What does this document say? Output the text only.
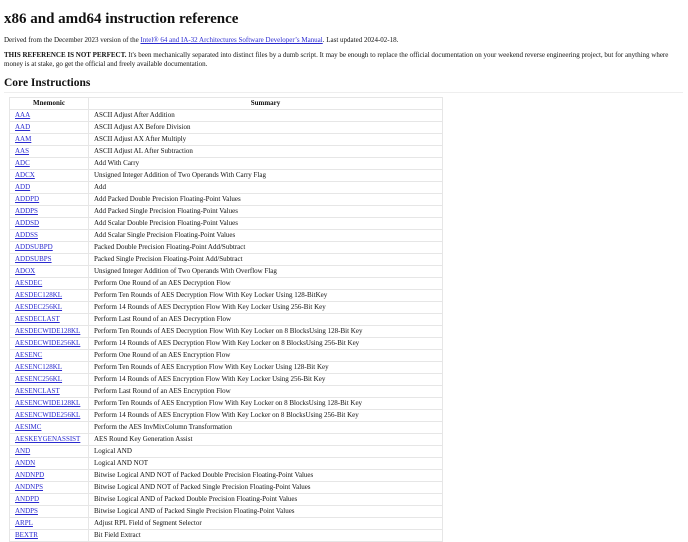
x86 and amd64 instruction reference

Derived from the December 2023 version of the Intel® 64 and IA-32 Architectures Software Developer’s Manual. Last updated 2024-02-18.

THIS REFERENCE IS NOT PERFECT. It's been mechanically separated into distinct files by a dumb script. It may be enough to replace the official documentation on your weekend reverse engineering project, but for anything where money is at stake, go get the official and freely available documentation.

Core Instructions
Mnemonic	Summary
AAA	ASCII Adjust After Addition
AAD	ASCII Adjust AX Before Division
AAM	ASCII Adjust AX After Multiply
AAS	ASCII Adjust AL After Subtraction
ADC	Add With Carry
ADCX	Unsigned Integer Addition of Two Operands With Carry Flag
ADD	Add
ADDPD	Add Packed Double Precision Floating-Point Values
ADDPS	Add Packed Single Precision Floating-Point Values
ADDSD	Add Scalar Double Precision Floating-Point Values
ADDSS	Add Scalar Single Precision Floating-Point Values
ADDSUBPD	Packed Double Precision Floating-Point Add/Subtract
ADDSUBPS	Packed Single Precision Floating-Point Add/Subtract
ADOX	Unsigned Integer Addition of Two Operands With Overflow Flag
AESDEC	Perform One Round of an AES Decryption Flow
AESDEC128KL	Perform Ten Rounds of AES Decryption Flow With Key Locker Using 128-BitKey
AESDEC256KL	Perform 14 Rounds of AES Decryption Flow With Key Locker Using 256-Bit Key
AESDECLAST	Perform Last Round of an AES Decryption Flow
AESDECWIDE128KL	Perform Ten Rounds of AES Decryption Flow With Key Locker on 8 BlocksUsing 128-Bit Key
AESDECWIDE256KL	Perform 14 Rounds of AES Decryption Flow With Key Locker on 8 BlocksUsing 256-Bit Key
AESENC	Perform One Round of an AES Encryption Flow
AESENC128KL	Perform Ten Rounds of AES Encryption Flow With Key Locker Using 128-Bit Key
AESENC256KL	Perform 14 Rounds of AES Encryption Flow With Key Locker Using 256-Bit Key
AESENCLAST	Perform Last Round of an AES Encryption Flow
AESENCWIDE128KL	Perform Ten Rounds of AES Encryption Flow With Key Locker on 8 BlocksUsing 128-Bit Key
AESENCWIDE256KL	Perform 14 Rounds of AES Encryption Flow With Key Locker on 8 BlocksUsing 256-Bit Key
AESIMC	Perform the AES InvMixColumn Transformation
AESKEYGENASSIST	AES Round Key Generation Assist
AND	Logical AND
ANDN	Logical AND NOT
ANDNPD	Bitwise Logical AND NOT of Packed Double Precision Floating-Point Values
ANDNPS	Bitwise Logical AND NOT of Packed Single Precision Floating-Point Values
ANDPD	Bitwise Logical AND of Packed Double Precision Floating-Point Values
ANDPS	Bitwise Logical AND of Packed Single Precision Floating-Point Values
ARPL	Adjust RPL Field of Segment Selector
BEXTR	Bit Field Extract
